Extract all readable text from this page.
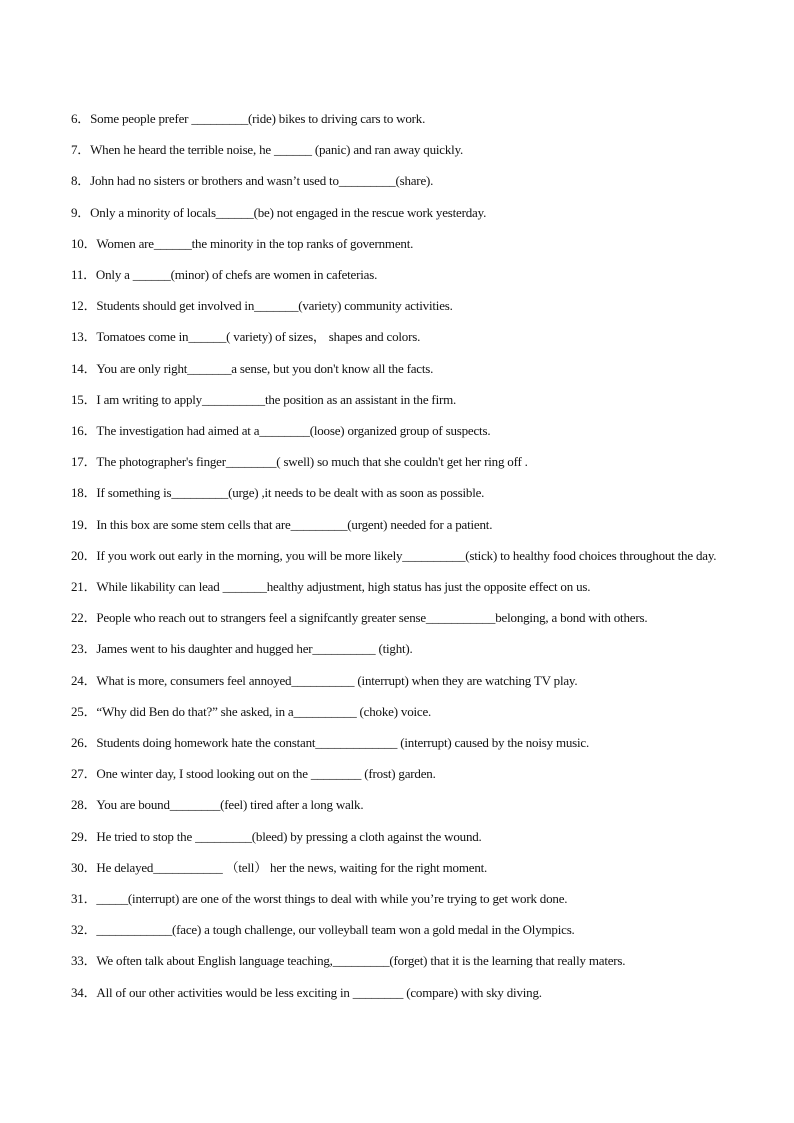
6．Some people prefer _________(ride) bikes to driving cars to work.
7．When he heard the terrible noise, he ______ (panic) and ran away quickly.
8．John had no sisters or brothers and wasn’t used to_________(share).
9．Only a minority of locals______(be) not engaged in the rescue work yesterday.
10．Women are______the minority in the top ranks of government.
11．Only a ______(minor) of chefs are women in cafeterias.
12．Students should get involved in_______(variety) community activities.
13．Tomatoes come in______( variety) of sizes， shapes and colors.
14．You are only right_______a sense, but you don't know all the facts.
15．I am writing to apply__________the position as an assistant in the firm.
16．The investigation had aimed at a________(loose) organized group of suspects.
17．The photographer's finger________( swell) so much that she couldn't get her ring off .
18．If something is_________(urge) ,it needs to be dealt with as soon as possible.
19．In this box are some stem cells that are_________(urgent) needed for a patient.
20．If you work out early in the morning, you will be more likely__________(stick) to healthy food choices throughout the day.
21．While likability can lead _______healthy adjustment, high status has just the opposite effect on us.
22．People who reach out to strangers feel a signifcantly greater sense___________belonging, a bond with others.
23．James went to his daughter and hugged her__________ (tight).
24．What is more, consumers feel annoyed__________ (interrupt) when they are watching TV play.
25．“Why did Ben do that?” she asked, in a__________ (choke) voice.
26．Students doing homework hate the constant_____________ (interrupt) caused by the noisy music.
27．One winter day, I stood looking out on the ________ (frost) garden.
28．You are bound________(feel) tired after a long walk.
29．He tried to stop the _________(bleed) by pressing a cloth against the wound.
30．He delayed___________ （tell） her the news, waiting for the right moment.
31．_____(interrupt) are one of the worst things to deal with while you’re trying to get work done.
32．____________(face) a tough challenge, our volleyball team won a gold medal in the Olympics.
33．We often talk about English language teaching,_________(forget) that it is the learning that really maters.
34．All of our other activities would be less exciting in ________ (compare) with sky diving.
